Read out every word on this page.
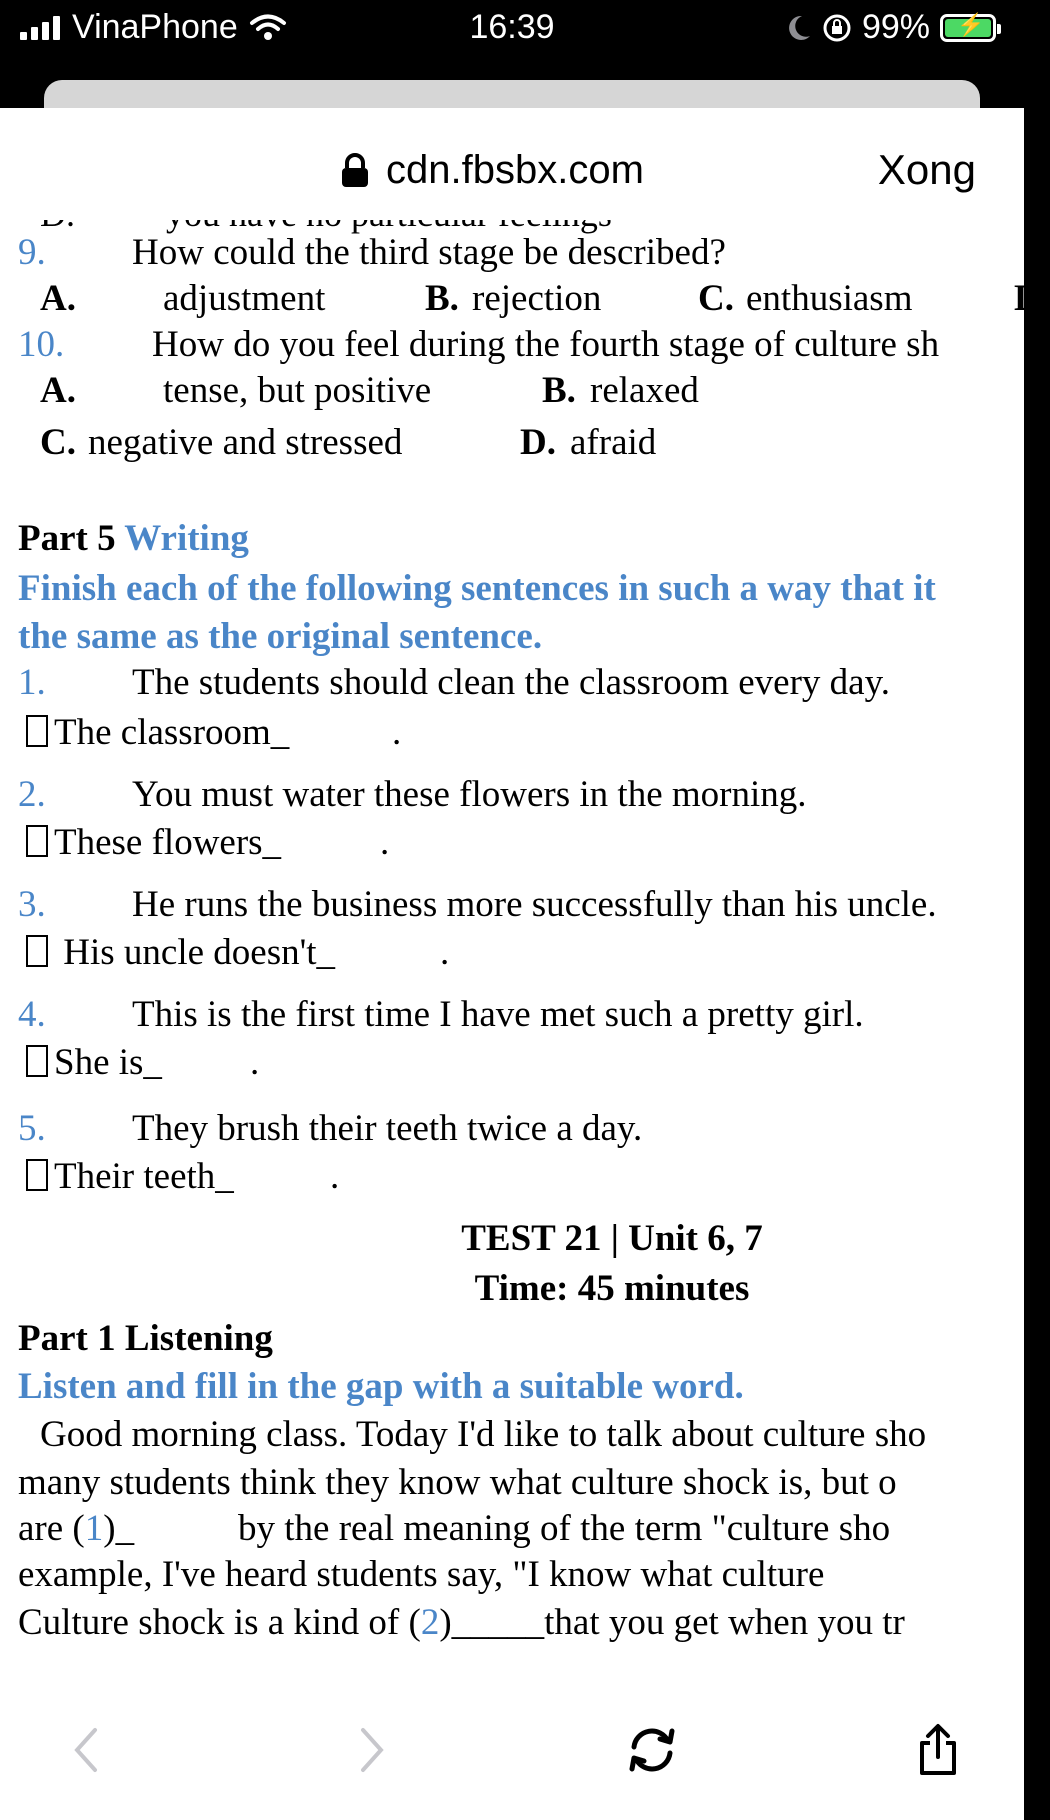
VinaPhone	16:39	99%
⚡
cdn.fbsbx.com	Xong
9. How could the third stage be described?
A. adjustment	B. rejection	C. enthusiasm	D.
10. How do you feel during the fourth stage of culture sh
A. tense, but positive	B. relaxed
C. negative and stressed	D. afraid
Part 5 Writing
Finish each of the following sentences in such a way that it
the same as the original sentence.
1. The students should clean the classroom every day.
The classroom_	.
2. You must water these flowers in the morning.
These flowers_	.
3. He runs the business more successfully than his uncle.
His uncle doesn't_	.
4. This is the first time I have met such a pretty girl.
She is_ .
5. They brush their teeth twice a day.
Their teeth_	.
TEST 21 | Unit 6, 7
Time: 45 minutes
Part 1 Listening
Listen and fill in the gap with a suitable word.
Good morning class. Today I'd like to talk about culture sho
many students think they know what culture shock is, but o
are (1)_	by the real meaning of the term "culture sho
example, I've heard students say, "I know what culture
Culture shock is a kind of (2)_____that you get when you tr
